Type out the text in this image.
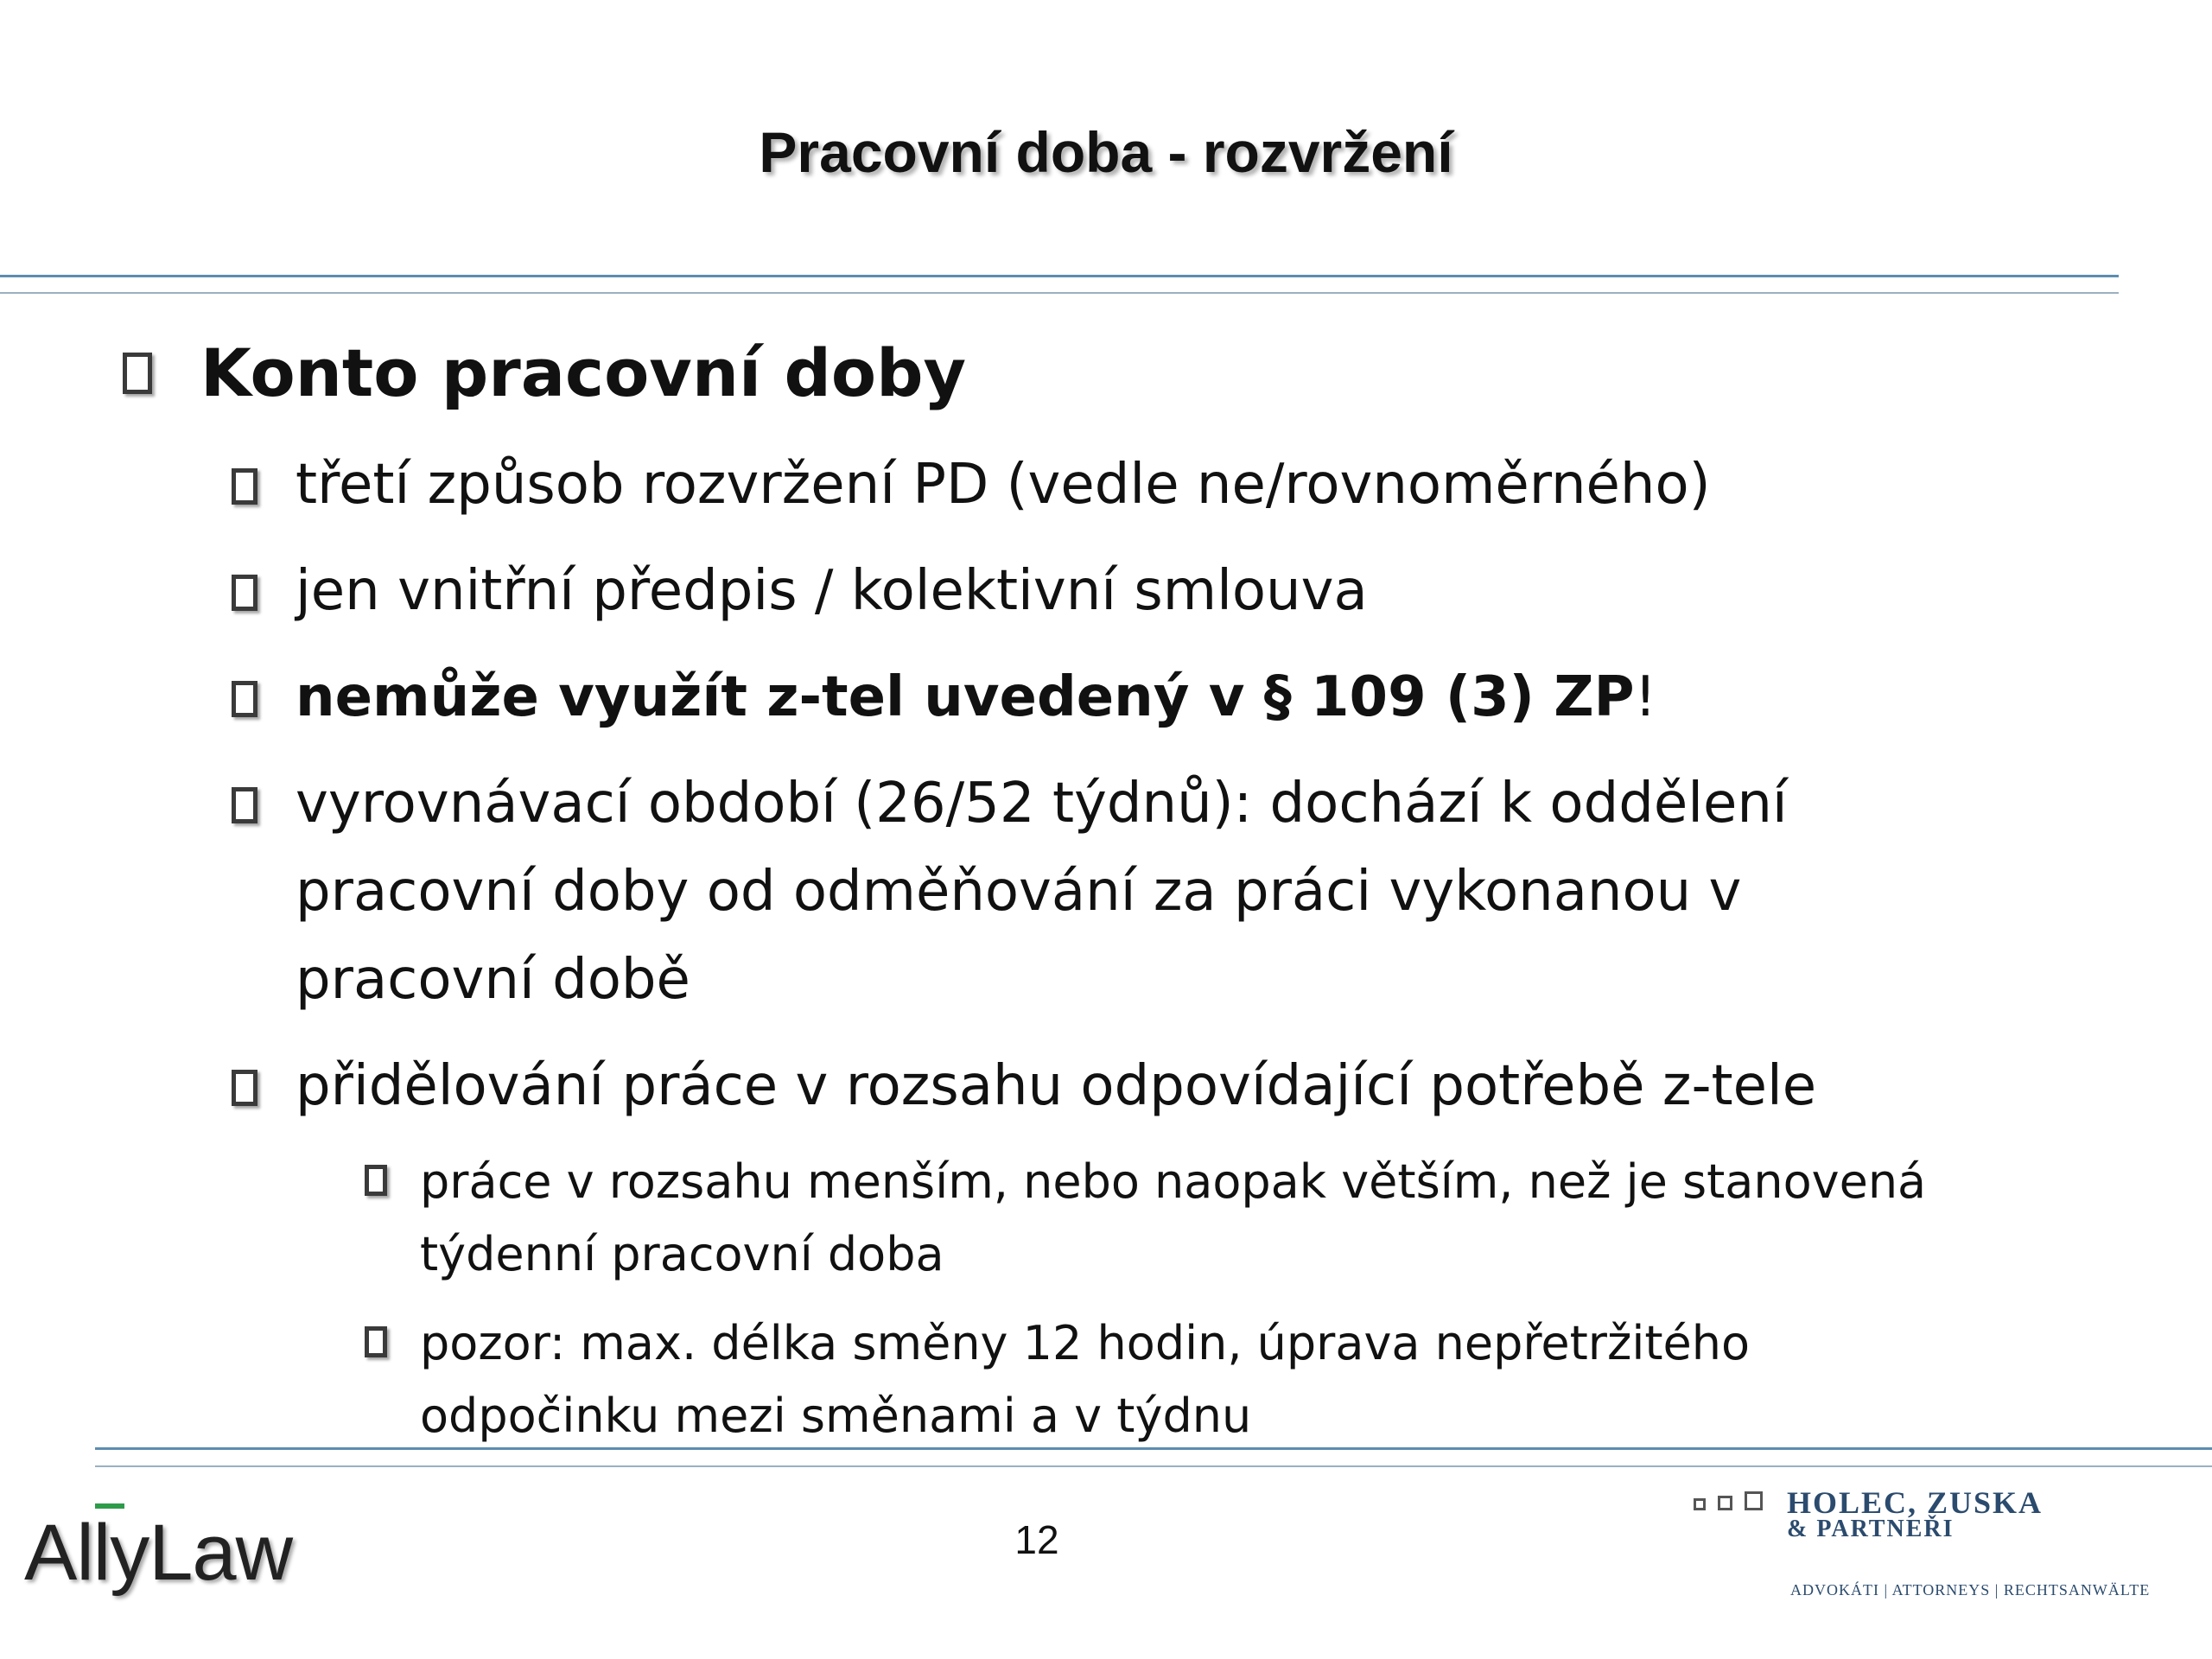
Pracovní doba - rozvržení
Konto pracovní doby
třetí způsob rozvržení PD (vedle ne/rovnoměrného)
jen vnitřní předpis / kolektivní smlouva
nemůže využít z-tel uvedený v § 109 (3) ZP!
vyrovnávací období (26/52 týdnů): dochází k oddělení
pracovní doby od odměňování za práci vykonanou v
pracovní době
přidělování práce v rozsahu odpovídající potřebě z-tele
práce v rozsahu menším, nebo naopak větším, než je stanovená
týdenní pracovní doba
pozor: max. délka směny 12 hodin, úprava nepřetržitého
odpočinku mezi směnami a v týdnu
AllyLaw	12
HOLEC, ZUSKA
& PARTNEŘI
ADVOKÁTI | ATTORNEYS | RECHTSANWÄLTE
